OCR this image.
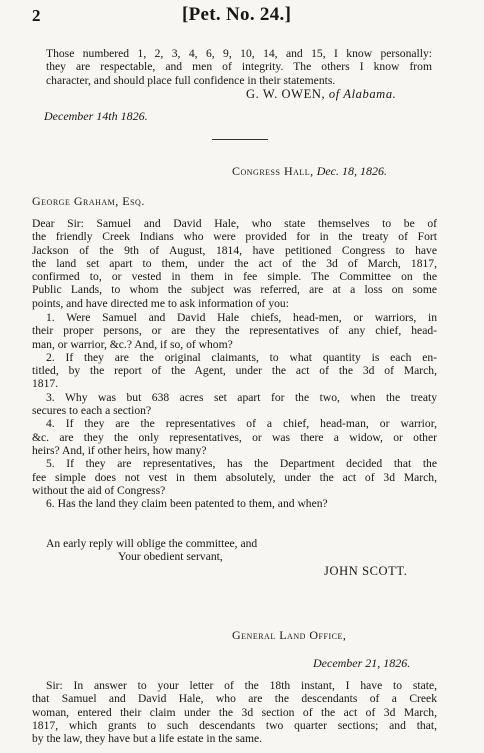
2	[Pet. No. 24.]
Those numbered 1, 2, 3, 4, 6, 9, 10, 14, and 15, I know personally:
they are respectable, and men of integrity. The others I know from
character, and should place full confidence in their statements.
G. W. OWEN, of Alabama.
December 14th 1826.
Congress Hall, Dec. 18, 1826.
George Graham, Esq.
Dear Sir: Samuel and David Hale, who state themselves to be of
the friendly Creek Indians who were provided for in the treaty of Fort
Jackson of the 9th of August, 1814, have petitioned Congress to have
the land set apart to them, under the act of the 3d of March, 1817,
confirmed to, or vested in them in fee simple. The Committee on the
Public Lands, to whom the subject was referred, are at a loss on some
points, and have directed me to ask information of you:
1. Were Samuel and David Hale chiefs, head-men, or warriors, in
their proper persons, or are they the representatives of any chief, head-
man, or warrior, &c.? And, if so, of whom?
2. If they are the original claimants, to what quantity is each en-
titled, by the report of the Agent, under the act of the 3d of March,
1817.
3. Why was but 638 acres set apart for the two, when the treaty
secures to each a section?
4. If they are the representatives of a chief, head-man, or warrior,
&c. are they the only representatives, or was there a widow, or other
heirs? And, if other heirs, how many?
5. If they are representatives, has the Department decided that the
fee simple does not vest in them absolutely, under the act of 3d March,
without the aid of Congress?
6. Has the land they claim been patented to them, and when?
An early reply will oblige the committee, and
Your obedient servant,
JOHN SCOTT.
General Land Office,
December 21, 1826.
Sir: In answer to your letter of the 18th instant, I have to state,
that Samuel and David Hale, who are the descendants of a Creek
woman, entered their claim under the 3d section of the act of 3d March,
1817, which grants to such descendants two quarter sections; and that,
by the law, they have but a life estate in the same.
